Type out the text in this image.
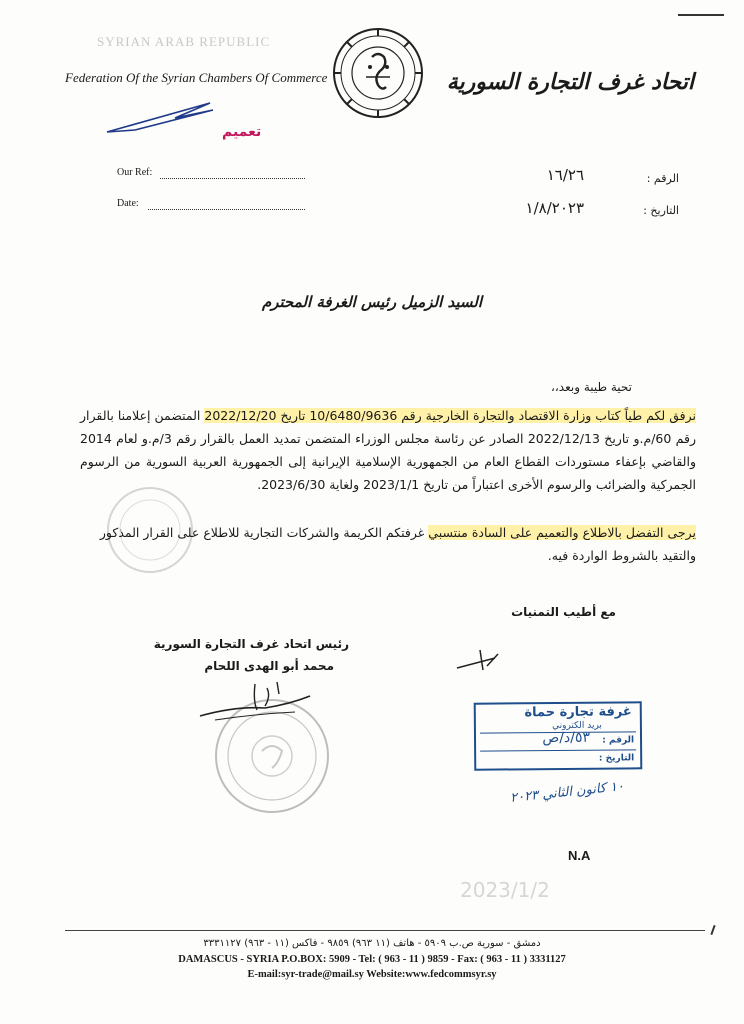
SYRIAN ARAB REPUBLIC
Federation Of the Syrian Chambers Of Commerce	اتحاد غرف التجارة السورية
تعميم
Our Ref:
Date:
الرقم :
١٦/٢٦
التاريخ :
١/٨/٢٠٢٣
السيد الزميل رئيس الغرفة المحترم
تحية طيبة وبعد،،
نرفق لكم طياً كتاب وزارة الاقتصاد والتجارة الخارجية رقم 10/6480/9636 تاريخ 2022/12/20 المتضمن إعلامنا بالقرار رقم 60/م.و تاريخ 2022/12/13 الصادر عن رئاسة مجلس الوزراء المتضمن تمديد العمل بالقرار رقم 3/م.و لعام 2014 والقاضي بإعفاء مستوردات القطاع العام من الجمهورية الإسلامية الإيرانية إلى الجمهورية العربية السورية من الرسوم الجمركية والضرائب والرسوم الأخرى اعتباراً من تاريخ 2023/1/1 ولغاية 2023/6/30.
يرجى التفضل بالاطلاع والتعميم على السادة منتسبي غرفتكم الكريمة والشركات التجارية للاطلاع على القرار المذكور والتقيد بالشروط الواردة فيه.
مع أطيب التمنيات
رئيس اتحاد غرف التجارة السورية
محمد أبو الهدى اللحام
غرفة تجارة حماة
بريد الكتروني
الرقم :
٥٣/د/ص
التاريخ :
١٠ كانون الثاني ٢٠٢٣
N.A
2023/1/2
دمشق - سورية ص.ب ٥٩٠٩ - هاتف (١١ ٩٦٣) ٩٨٥٩ - فاكس (١١ - ٩٦٣) ٣٣٣١١٢٧
DAMASCUS - SYRIA P.O.BOX: 5909 - Tel: ( 963 - 11 ) 9859 - Fax: ( 963 - 11 ) 3331127
E-mail:syr-trade@mail.sy Website:www.fedcommsyr.sy
